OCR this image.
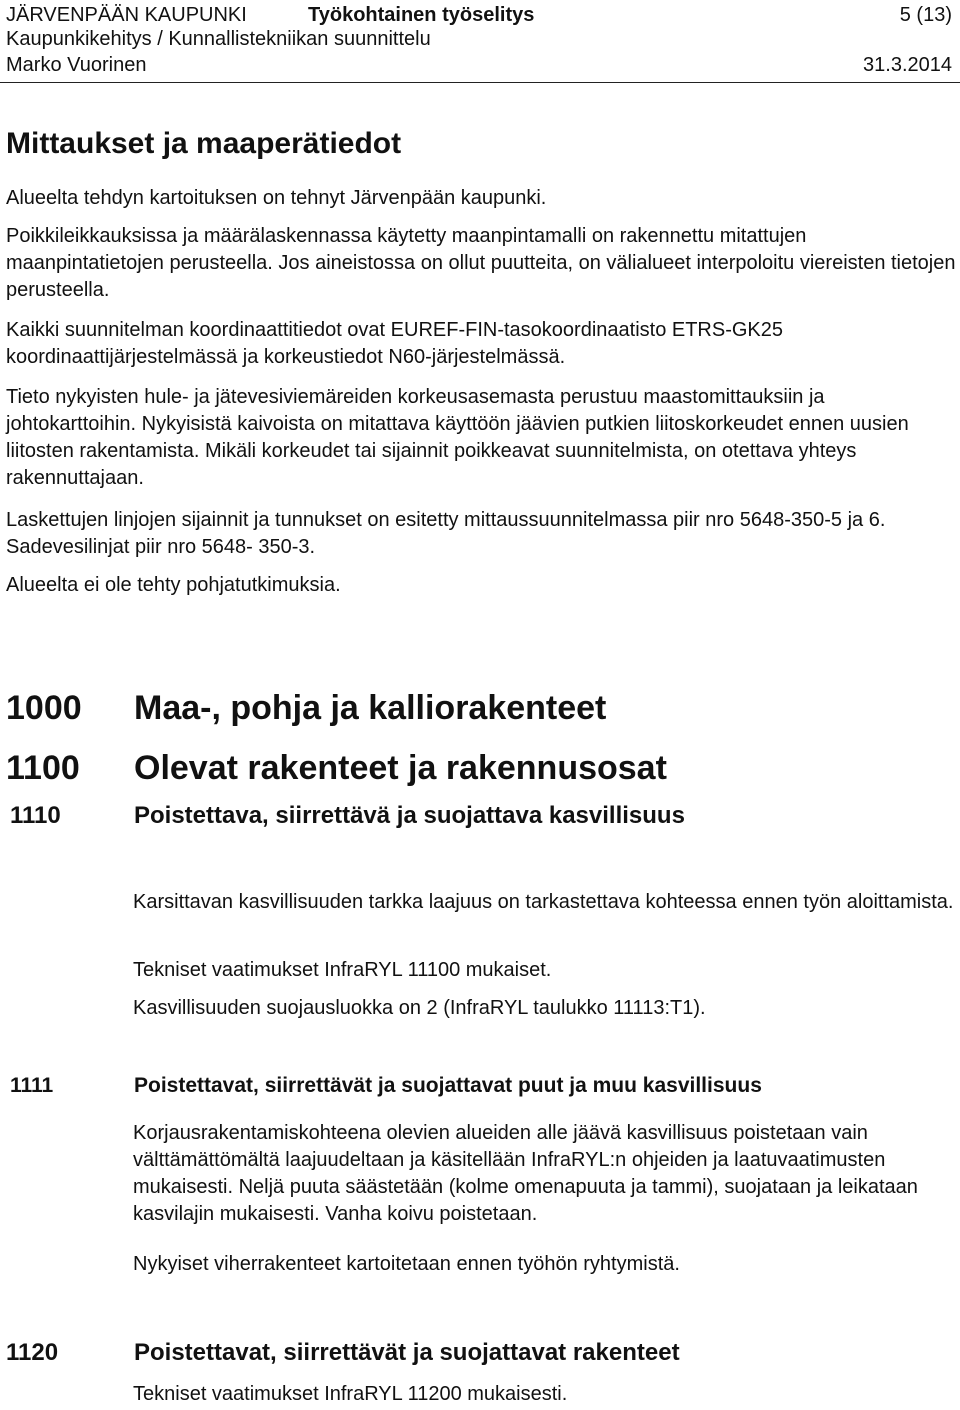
JÄRVENPÄÄN KAUPUNKI	Työkohtainen työselitys	5 (13)
Kaupunkikehitys / Kunnallistekniikan suunnittelu
Marko Vuorinen	31.3.2014
Mittaukset ja maaperätiedot

Alueelta tehdyn kartoituksen on tehnyt Järvenpään kaupunki.

Poikkileikkauksissa ja määrälaskennassa käytetty maanpintamalli on rakennettu mitattujen maanpintatietojen perusteella. Jos aineistossa on ollut puutteita, on välialueet interpoloitu viereisten tietojen perusteella.

Kaikki suunnitelman koordinaattitiedot ovat EUREF-FIN-tasokoordinaatisto ETRS-GK25 koordinaattijärjestelmässä ja korkeustiedot N60-järjestelmässä.

Tieto nykyisten hule- ja jätevesiviemäreiden korkeusasemasta perustuu maastomittauksiin ja johtokarttoihin. Nykyisistä kaivoista on mitattava käyttöön jäävien putkien liitoskorkeudet ennen uusien liitosten rakentamista. Mikäli korkeudet tai sijainnit poikkeavat suunnitelmista, on otettava yhteys rakennuttajaan.

Laskettujen linjojen sijainnit ja tunnukset on esitetty mittaussuunnitelmassa piir nro 5648-350-5 ja 6. Sadevesilinjat piir nro 5648- 350-3.

Alueelta ei ole tehty pohjatutkimuksia.

1000 Maa-, pohja ja kalliorakenteet
1100 Olevat rakenteet ja rakennusosat
1110	Poistettava, siirrettävä ja suojattava kasvillisuus

Karsittavan kasvillisuuden tarkka laajuus on tarkastettava kohteessa ennen työn aloittamista.

Tekniset vaatimukset InfraRYL 11100 mukaiset.

Kasvillisuuden suojausluokka on 2 (InfraRYL taulukko 11113:T1).

1111	Poistettavat, siirrettävät ja suojattavat puut ja muu kasvillisuus

Korjausrakentamiskohteena olevien alueiden alle jäävä kasvillisuus poistetaan vain välttämättömältä laajuudeltaan ja käsitellään InfraRYL:n ohjeiden ja laatuvaatimusten mukaisesti. Neljä puuta säästetään (kolme omenapuuta ja tammi), suojataan ja leikataan kasvilajin mukaisesti. Vanha koivu poistetaan.

Nykyiset viherrakenteet kartoitetaan ennen työhön ryhtymistä.

1120	Poistettavat, siirrettävät ja suojattavat rakenteet

Tekniset vaatimukset InfraRYL 11200 mukaisesti.
